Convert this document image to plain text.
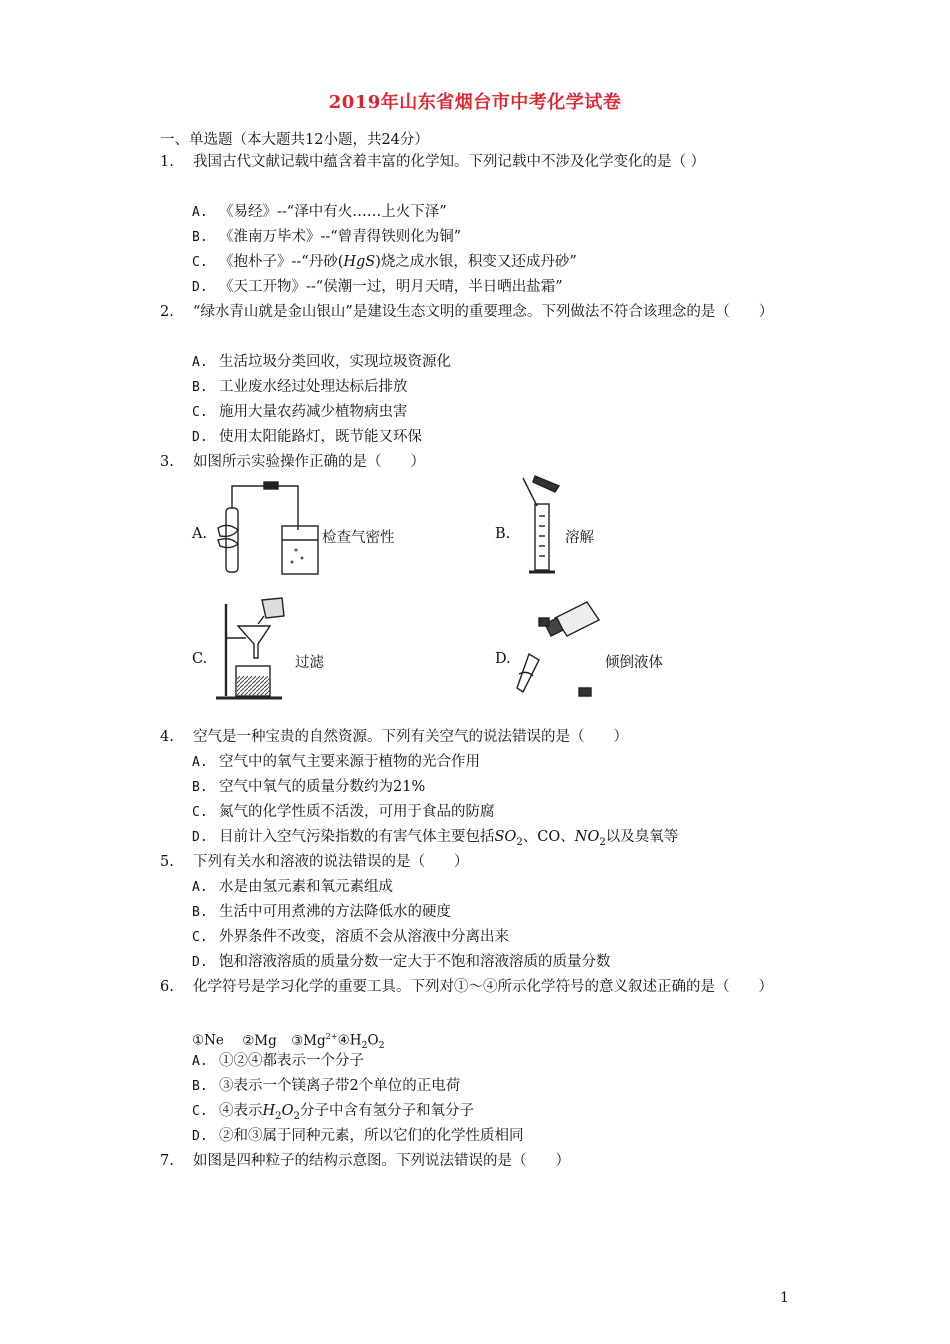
2019年山东省烟台市中考化学试卷
一、单选题（本大题共12小题，共24分）
1. 我国古代文献记载中蕴含着丰富的化学知。下列记载中不涉及化学变化的是（ ）
A. 《易经》--“泽中有火……上火下泽”
B. 《淮南万毕术》--“曾青得铁则化为铜”
C. 《抱朴子》--“丹砂(HgS)烧之成水银，积变又还成丹砂”
D. 《天工开物》--“侯潮一过，明月天晴，半日晒出盐霜”
2. “绿水青山就是金山银山”是建设生态文明的重要理念。下列做法不符合该理念的是（　　）
A. 生活垃圾分类回收，实现垃圾资源化
B. 工业废水经过处理达标后排放
C. 施用大量农药减少植物病虫害
D. 使用太阳能路灯，既节能又环保
3. 如图所示实验操作正确的是（　　）
A.	检查气密性	B.	溶解
C.	过滤	D.	倾倒液体
4. 空气是一种宝贵的自然资源。下列有关空气的说法错误的是（　　）
A. 空气中的氧气主要来源于植物的光合作用
B. 空气中氧气的质量分数约为21%
C. 氮气的化学性质不活泼，可用于食品的防腐
D. 目前计入空气污染指数的有害气体主要包括$SO_2$、CO、$NO_2$以及臭氧等
5. 下列有关水和溶液的说法错误的是（　　）
A. 水是由氢元素和氧元素组成
B. 生活中可用煮沸的方法降低水的硬度
C. 外界条件不改变，溶质不会从溶液中分离出来
D. 饱和溶液溶质的质量分数一定大于不饱和溶液溶质的质量分数
6. 化学符号是学习化学的重要工具。下列对①～④所示化学符号的意义叙述正确的是（　　）
①Ne ②Mg $③Mg^{2+}④H_2O_2$
A. ①②④都表示一个分子
B. ③表示一个镁离子带2个单位的正电荷
C. ④表示$H_2O_2$分子中含有氢分子和氧分子
D. ②和③属于同种元素，所以它们的化学性质相同
7. 如图是四种粒子的结构示意图。下列说法错误的是（　　）
1
